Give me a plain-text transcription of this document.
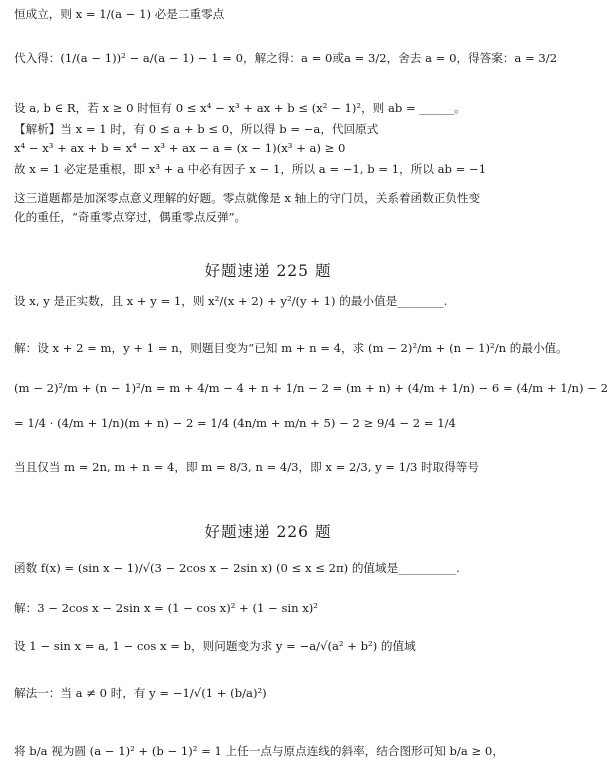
恒成立，则 x = 1/(a − 1) 必是二重零点
代入得：(1/(a − 1))² − a/(a − 1) − 1 = 0，解之得：a = 0或a = 3/2，舍去 a = 0，得答案：a = 3/2
设 a, b ∈ R，若 x ≥ 0 时恒有 0 ≤ x⁴ − x³ + ax + b ≤ (x² − 1)²，则 ab = ______。
【解析】当 x = 1 时，有 0 ≤ a + b ≤ 0，所以得 b = −a，代回原式
x⁴ − x³ + ax + b = x⁴ − x³ + ax − a = (x − 1)(x³ + a) ≥ 0
故 x = 1 必定是重根，即 x³ + a 中必有因子 x − 1，所以 a = −1, b = 1，所以 ab = −1
这三道题都是加深零点意义理解的好题。零点就像是 x 轴上的守门员，关系着函数正负性变
化的重任，“奇重零点穿过，偶重零点反弹”。
好题速递 225 题
设 x, y 是正实数，且 x + y = 1，则 x²/(x + 2) + y²/(y + 1) 的最小值是________.
解：设 x + 2 = m，y + 1 = n，则题目变为“已知 m + n = 4，求 (m − 2)²/m + (n − 1)²/n 的最小值。
(m − 2)²/m + (n − 1)²/n = m + 4/m − 4 + n + 1/n − 2 = (m + n) + (4/m + 1/n) − 6 = (4/m + 1/n) − 2
= 1/4 · (4/m + 1/n)(m + n) − 2 = 1/4 (4n/m + m/n + 5) − 2 ≥ 9/4 − 2 = 1/4
当且仅当 m = 2n, m + n = 4，即 m = 8/3, n = 4/3，即 x = 2/3, y = 1/3 时取得等号
好题速递 226 题
函数 f(x) = (sin x − 1)/√(3 − 2cos x − 2sin x) (0 ≤ x ≤ 2π) 的值域是__________.
解：3 − 2cos x − 2sin x = (1 − cos x)² + (1 − sin x)²
设 1 − sin x = a, 1 − cos x = b，则问题变为求 y = −a/√(a² + b²) 的值域
解法一：当 a ≠ 0 时，有 y = −1/√(1 + (b/a)²)
将 b/a 视为圆 (a − 1)² + (b − 1)² = 1 上任一点与原点连线的斜率，结合图形可知 b/a ≥ 0，
